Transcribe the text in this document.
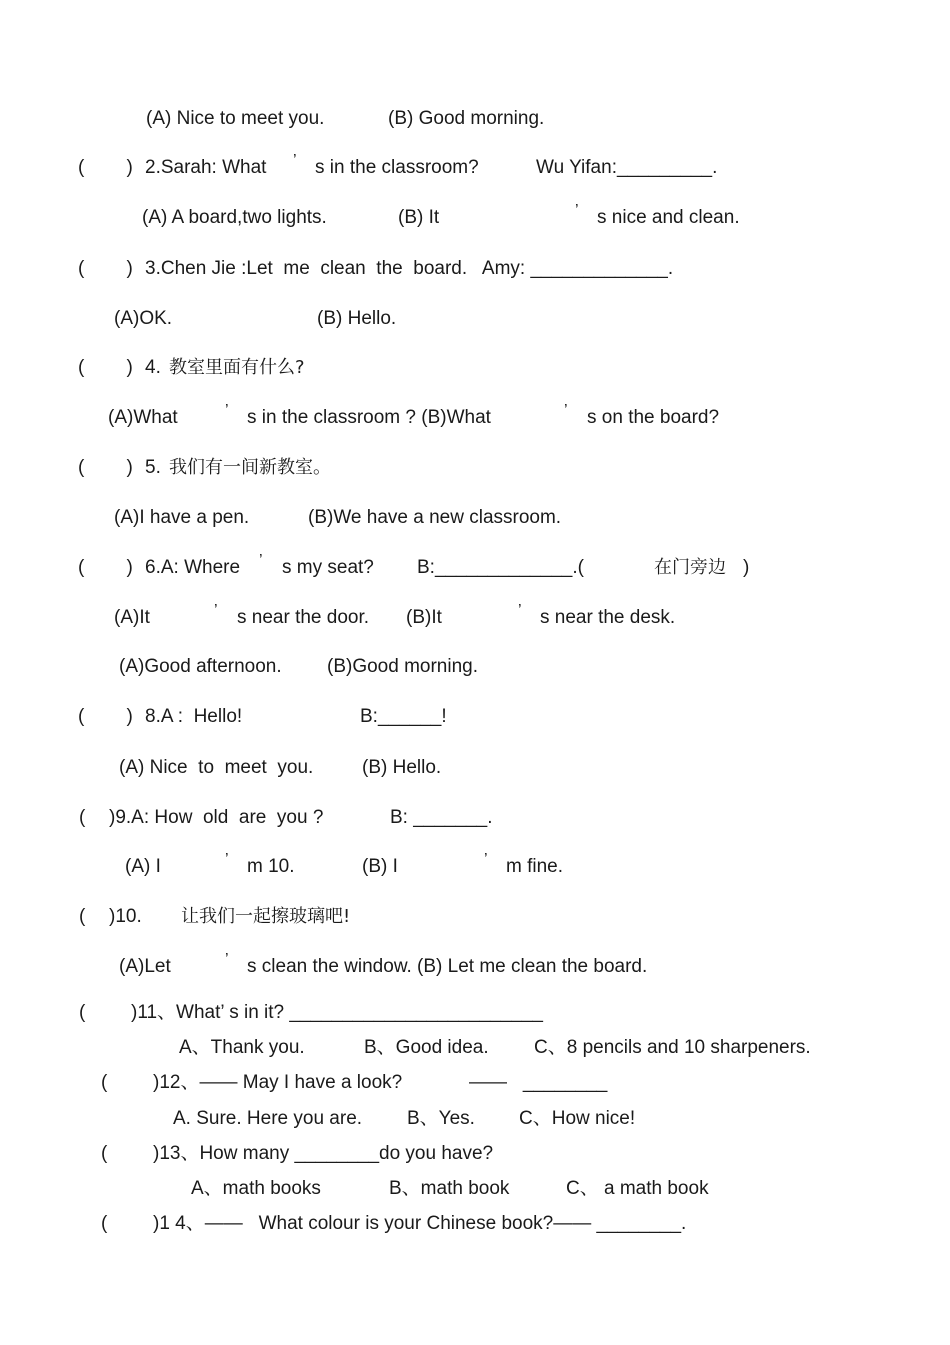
(A) Nice to meet you.	(B) Good morning.
(        ) 2.Sarah: What ’ s in the classroom?	Wu Yifan:_________.
(A) A board,two lights.	(B) It	’ s nice and clean.
(        ) 3.Chen Jie :Let  me  clean  the  board.   Amy: _____________.
(A)OK.	(B) Hello.
(        ) 4. 教室里面有什么?
(A)What	’ s in the classroom ? (B)What	’ s on the board?
(        ) 5. 我们有一间新教室。
(A)I have a pen.	(B)We have a new classroom.
(        ) 6.A: Where ’ s my seat? B:_____________.(	在门旁边 )
(A)It	’ s near the door. (B)It	’ s near the desk.
(A)Good afternoon. (B)Good morning.
(        ) 8.A :  Hello!	B:______!
(A) Nice  to  meet  you.	(B) Hello.
( )9.A: How  old  are  you ?	B: _______.
(A) I	’ m 10.	(B) I	’ m fine.
( )10. 让我们一起擦玻璃吧!
(A)Let	’ s clean the window. (B) Let me clean the board.
( )11、What’ s in it? ________________________
A、Thank you.	B、Good idea. C、8 pencils and 10 sharpeners.
( )12、—— May I have a look?	——   ________
A. Sure. Here you are. B、Yes. C、How nice!
( )13、How many ________do you have?
A、math books	B、math book	C、 a math book
( )1 4、——   What colour is your Chinese book?—— ________.
